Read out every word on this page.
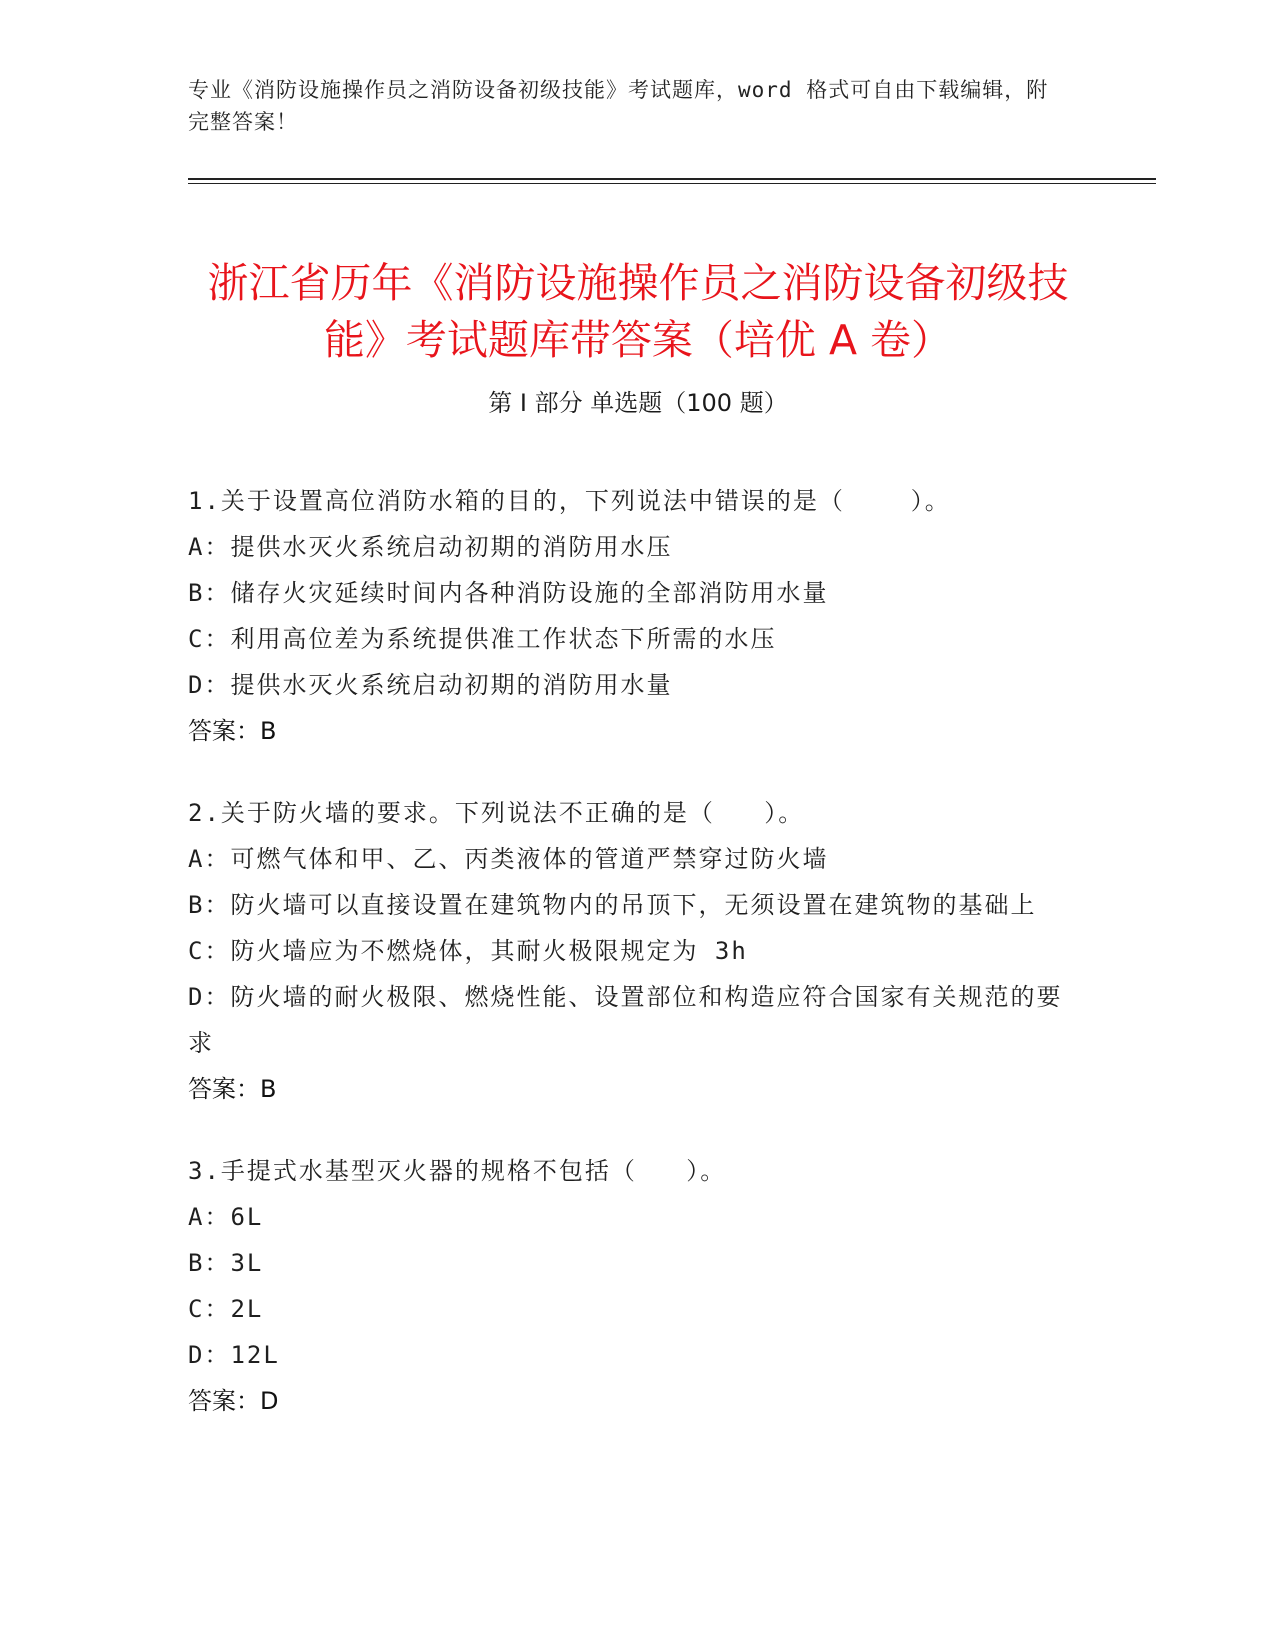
专业《消防设施操作员之消防设备初级技能》考试题库，word 格式可自由下载编辑，附完整答案！
浙江省历年《消防设施操作员之消防设备初级技能》考试题库带答案（培优 A 卷）
第 I 部分 单选题（100 题）
1.关于设置高位消防水箱的目的，下列说法中错误的是（    ）。
A：提供水灭火系统启动初期的消防用水压
B：储存火灾延续时间内各种消防设施的全部消防用水量
C：利用高位差为系统提供准工作状态下所需的水压
D：提供水灭火系统启动初期的消防用水量
答案：B
2.关于防火墙的要求。下列说法不正确的是（   ）。
A：可燃气体和甲、乙、丙类液体的管道严禁穿过防火墙
B：防火墙可以直接设置在建筑物内的吊顶下，无须设置在建筑物的基础上
C：防火墙应为不燃烧体，其耐火极限规定为 3h
D：防火墙的耐火极限、燃烧性能、设置部位和构造应符合国家有关规范的要求
答案：B
3.手提式水基型灭火器的规格不包括（   ）。
A：6L
B：3L
C：2L
D：12L
答案：D
